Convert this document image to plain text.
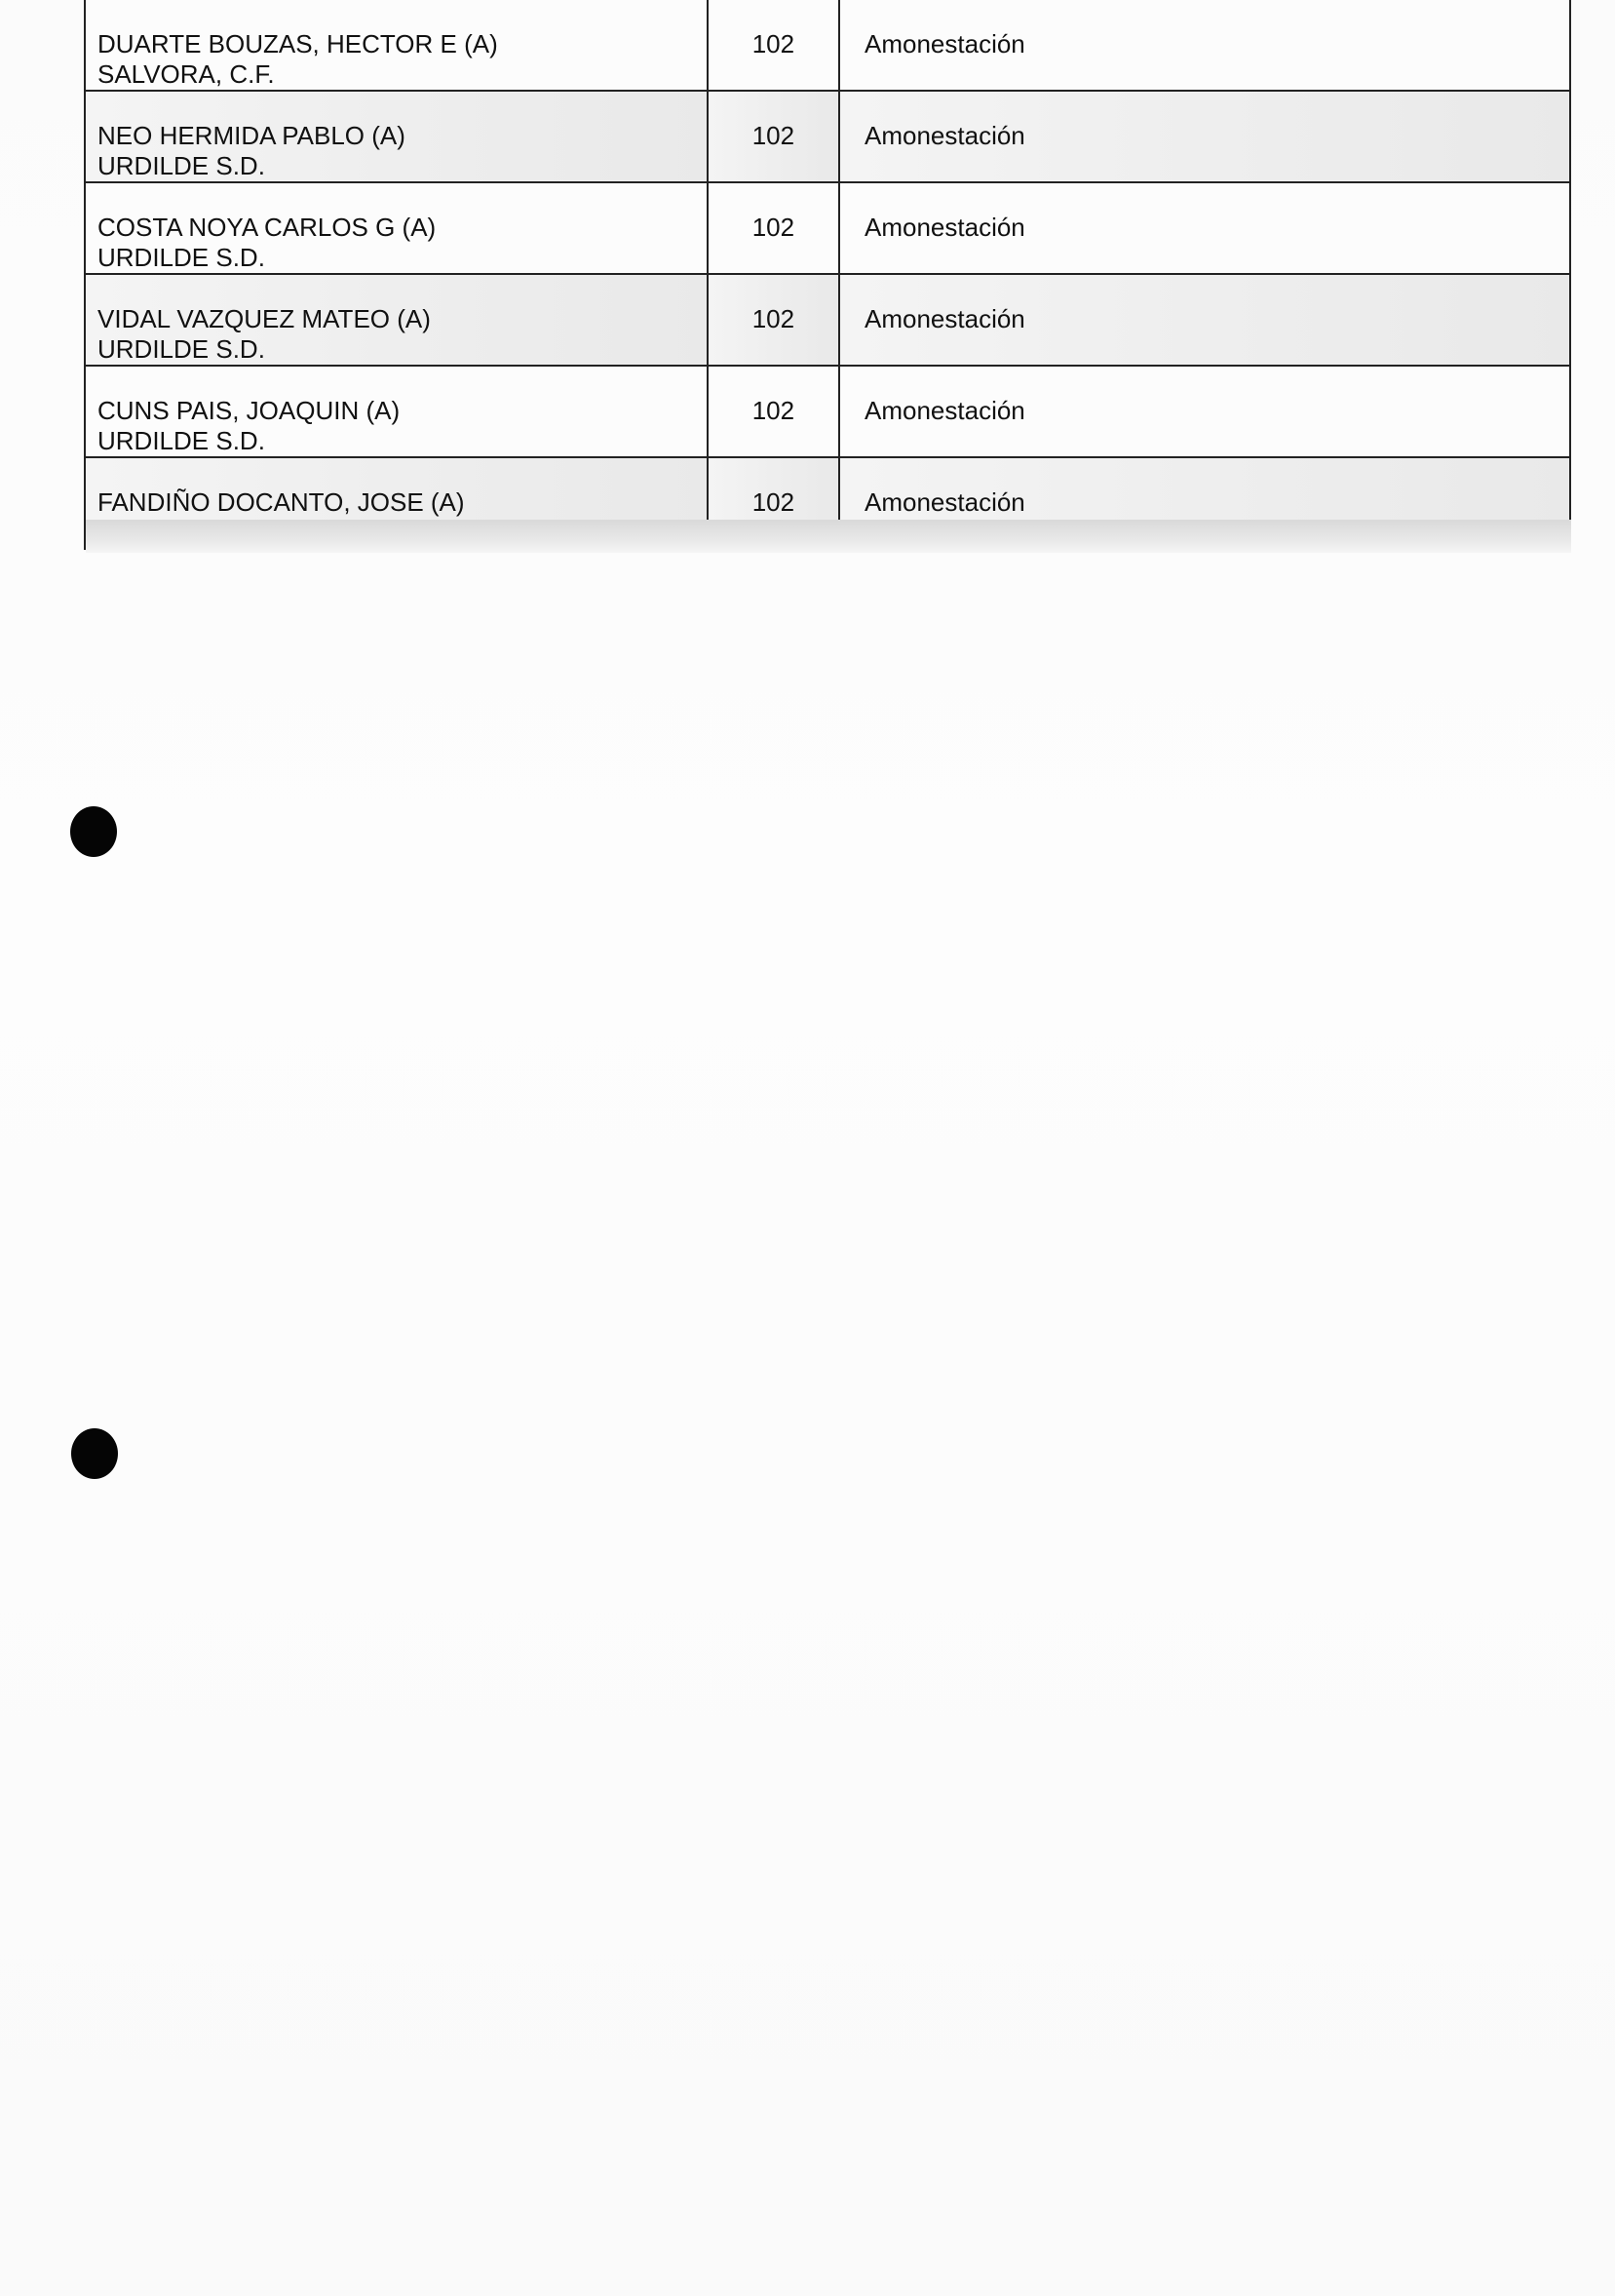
DUARTE BOUZAS, HECTOR E (A)
SALVORA, C.F.	102	Amonestación

NEO HERMIDA PABLO (A)
URDILDE S.D.	102	Amonestación

COSTA NOYA CARLOS G (A)
URDILDE S.D.	102	Amonestación

VIDAL VAZQUEZ MATEO (A)
URDILDE S.D.	102	Amonestación

CUNS PAIS, JOAQUIN (A)
URDILDE S.D.	102	Amonestación

FANDIÑO DOCANTO, JOSE (A)	102	Amonestación
